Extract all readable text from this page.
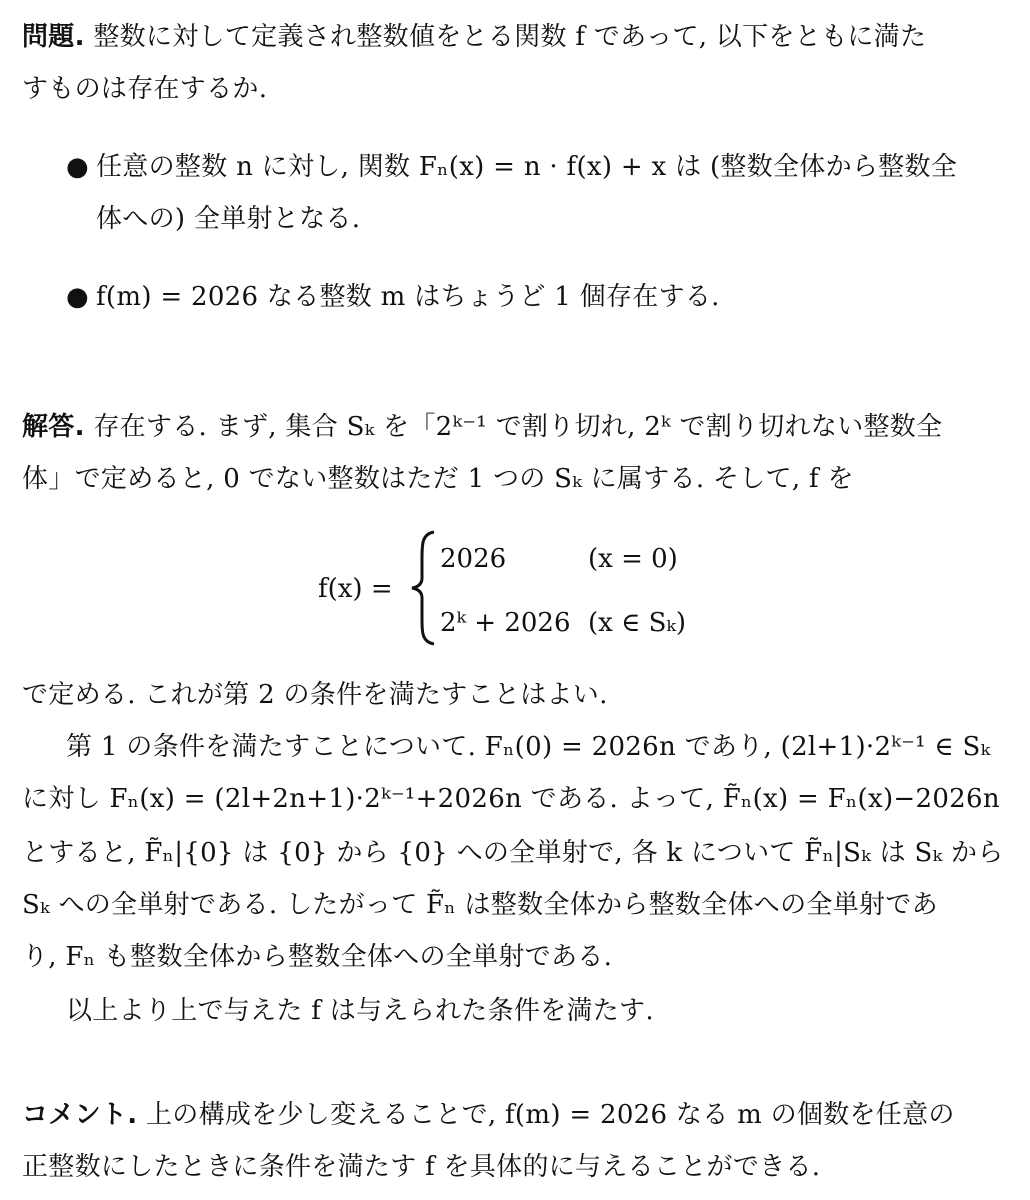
問題. 整数に対して定義され整数値をとる関数 f であって, 以下をともに満た
すものは存在するか.
● 任意の整数 n に対し, 関数 Fₙ(x) = n · f(x) + x は (整数全体から整数全
体への) 全単射となる.
● f(m) = 2026 なる整数 m はちょうど 1 個存在する.
解答. 存在する. まず, 集合 Sₖ を「2ᵏ⁻¹ で割り切れ, 2ᵏ で割り切れない整数全
体」で定めると, 0 でない整数はただ 1 つの Sₖ に属する. そして, f を
f(x) =
2026	(x = 0)
2ᵏ + 2026 (x ∈ Sₖ)
で定める. これが第 2 の条件を満たすことはよい.
第 1 の条件を満たすことについて. Fₙ(0) = 2026n であり, (2l+1)·2ᵏ⁻¹ ∈ Sₖ
に対し Fₙ(x) = (2l+2n+1)·2ᵏ⁻¹+2026n である. よって, F̃ₙ(x) = Fₙ(x)−2026n
とすると, F̃ₙ|{0} は {0} から {0} への全単射で, 各 k について F̃ₙ|Sₖ は Sₖ から
Sₖ への全単射である. したがって F̃ₙ は整数全体から整数全体への全単射であ
り, Fₙ も整数全体から整数全体への全単射である.
以上より上で与えた f は与えられた条件を満たす.
コメント. 上の構成を少し変えることで, f(m) = 2026 なる m の個数を任意の
正整数にしたときに条件を満たす f を具体的に与えることができる.
